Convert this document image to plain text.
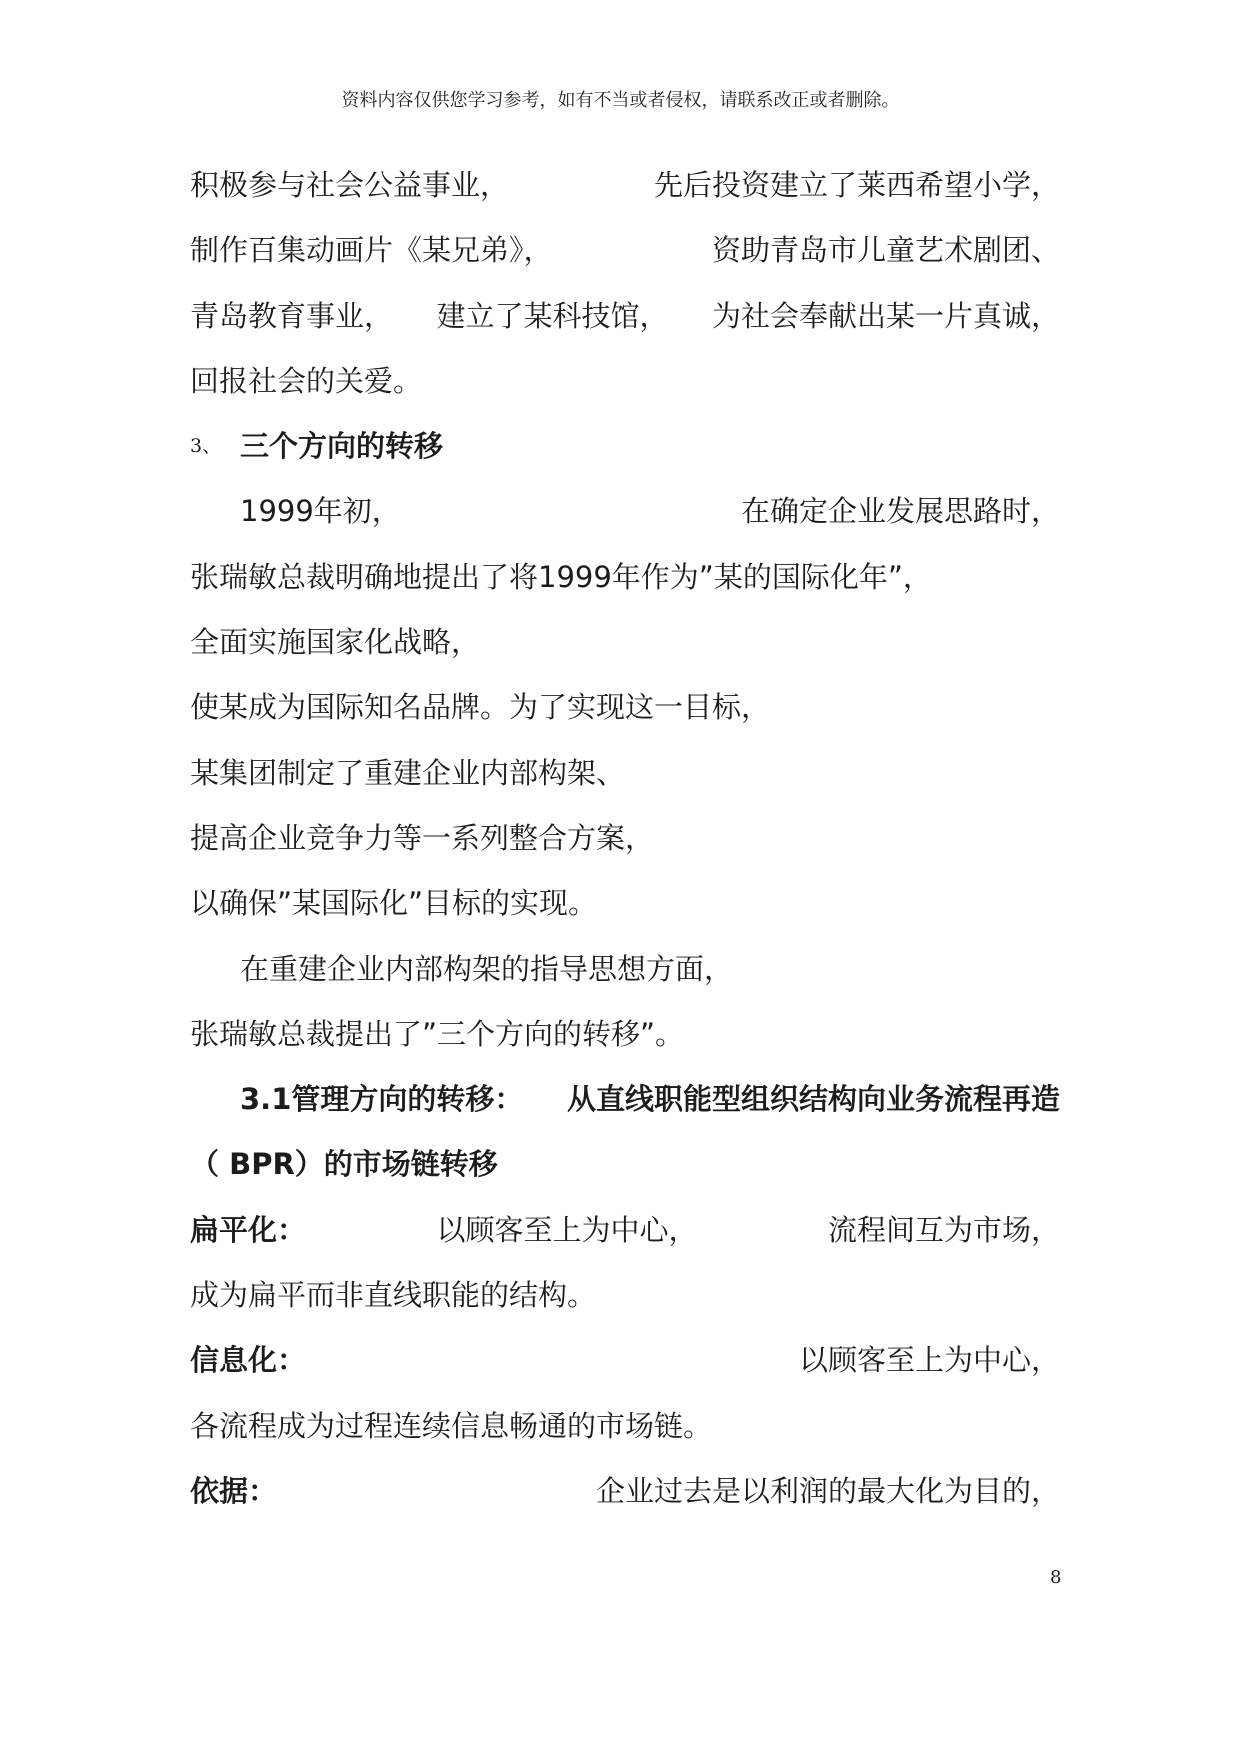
资料内容仅供您学习参考，如有不当或者侵权，请联系改正或者删除。
积极参与社会公益事业，	先后投资建立了莱西希望小学，
制作百集动画片《某兄弟》，	资助青岛市儿童艺术剧团、
青岛教育事业， 建立了某科技馆， 为社会奉献出某一片真诚，
回报社会的关爱。
3、 三个方向的转移
1999年初，	在确定企业发展思路时，
张瑞敏总裁明确地提出了将1999年作为”某的国际化年”，
全面实施国家化战略，
使某成为国际知名品牌。为了实现这一目标，
某集团制定了重建企业内部构架、
提高企业竞争力等一系列整合方案，
以确保”某国际化”目标的实现。
在重建企业内部构架的指导思想方面，
张瑞敏总裁提出了”三个方向的转移”。
3.1管理方向的转移： 从直线职能型组织结构向业务流程再造
（ BPR）的市场链转移
扁平化：	以顾客至上为中心，	流程间互为市场，
成为扁平而非直线职能的结构。
信息化：	以顾客至上为中心，
各流程成为过程连续信息畅通的市场链。
依据：	企业过去是以利润的最大化为目的，
8
